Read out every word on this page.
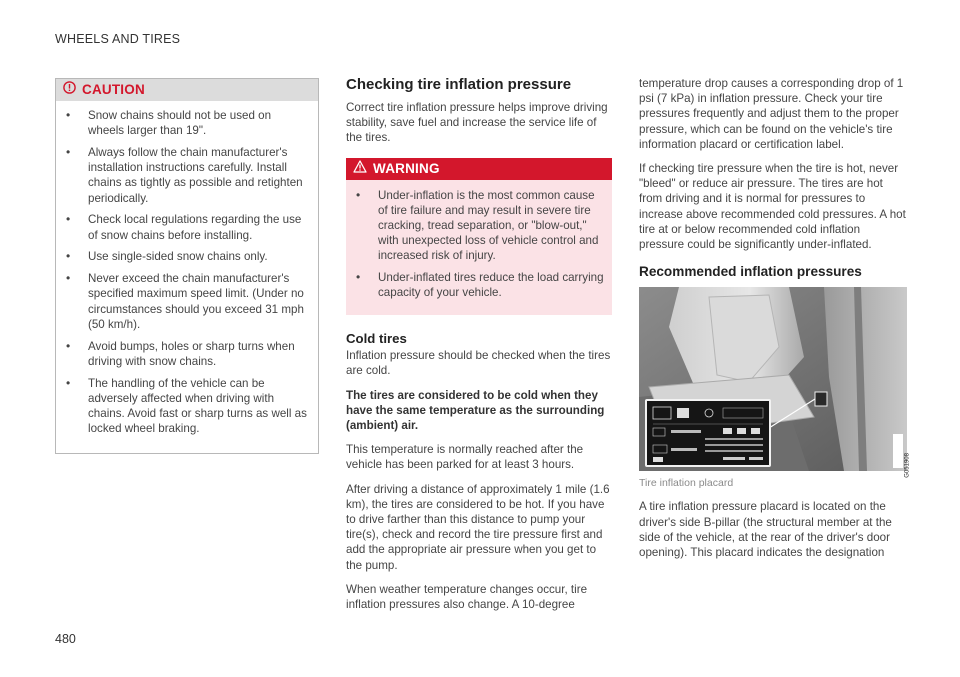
WHEELS AND TIRES
CAUTION
• Snow chains should not be used on wheels larger than 19".
• Always follow the chain manufacturer's installation instructions carefully. Install chains as tightly as possible and retighten periodically.
• Check local regulations regarding the use of snow chains before installing.
• Use single-sided snow chains only.
• Never exceed the chain manufacturer's specified maximum speed limit. (Under no circumstances should you exceed 31 mph (50 km/h).
• Avoid bumps, holes or sharp turns when driving with snow chains.
• The handling of the vehicle can be adversely affected when driving with chains. Avoid fast or sharp turns as well as locked wheel braking.
Checking tire inflation pressure

Correct tire inflation pressure helps improve driving stability, save fuel and increase the service life of the tires.

WARNING
• Under-inflation is the most common cause of tire failure and may result in severe tire cracking, tread separation, or "blow-out," with unexpected loss of vehicle control and increased risk of injury.
• Under-inflated tires reduce the load carrying capacity of your vehicle.
Cold tires

Inflation pressure should be checked when the tires are cold.

The tires are considered to be cold when they have the same temperature as the surrounding (ambient) air.

This temperature is normally reached after the vehicle has been parked for at least 3 hours.

After driving a distance of approximately 1 mile (1.6 km), the tires are considered to be hot. If you have to drive farther than this distance to pump your tire(s), check and record the tire pressure first and add the appropriate air pressure when you get to the pump.

When weather temperature changes occur, tire inflation pressures also change. A 10-degree

temperature drop causes a corresponding drop of 1 psi (7 kPa) in inflation pressure. Check your tire pressures frequently and adjust them to the proper pressure, which can be found on the vehicle's tire information placard or certification label.

If checking tire pressure when the tire is hot, never "bleed" or reduce air pressure. The tires are hot from driving and it is normal for pressures to increase above recommended cold pressures. A hot tire at or below recommended cold inflation pressure could be significantly under-inflated.

Recommended inflation pressures
G051908
Tire inflation placard

A tire inflation pressure placard is located on the driver's side B-pillar (the structural member at the side of the vehicle, at the rear of the driver's door opening). This placard indicates the designation

480
